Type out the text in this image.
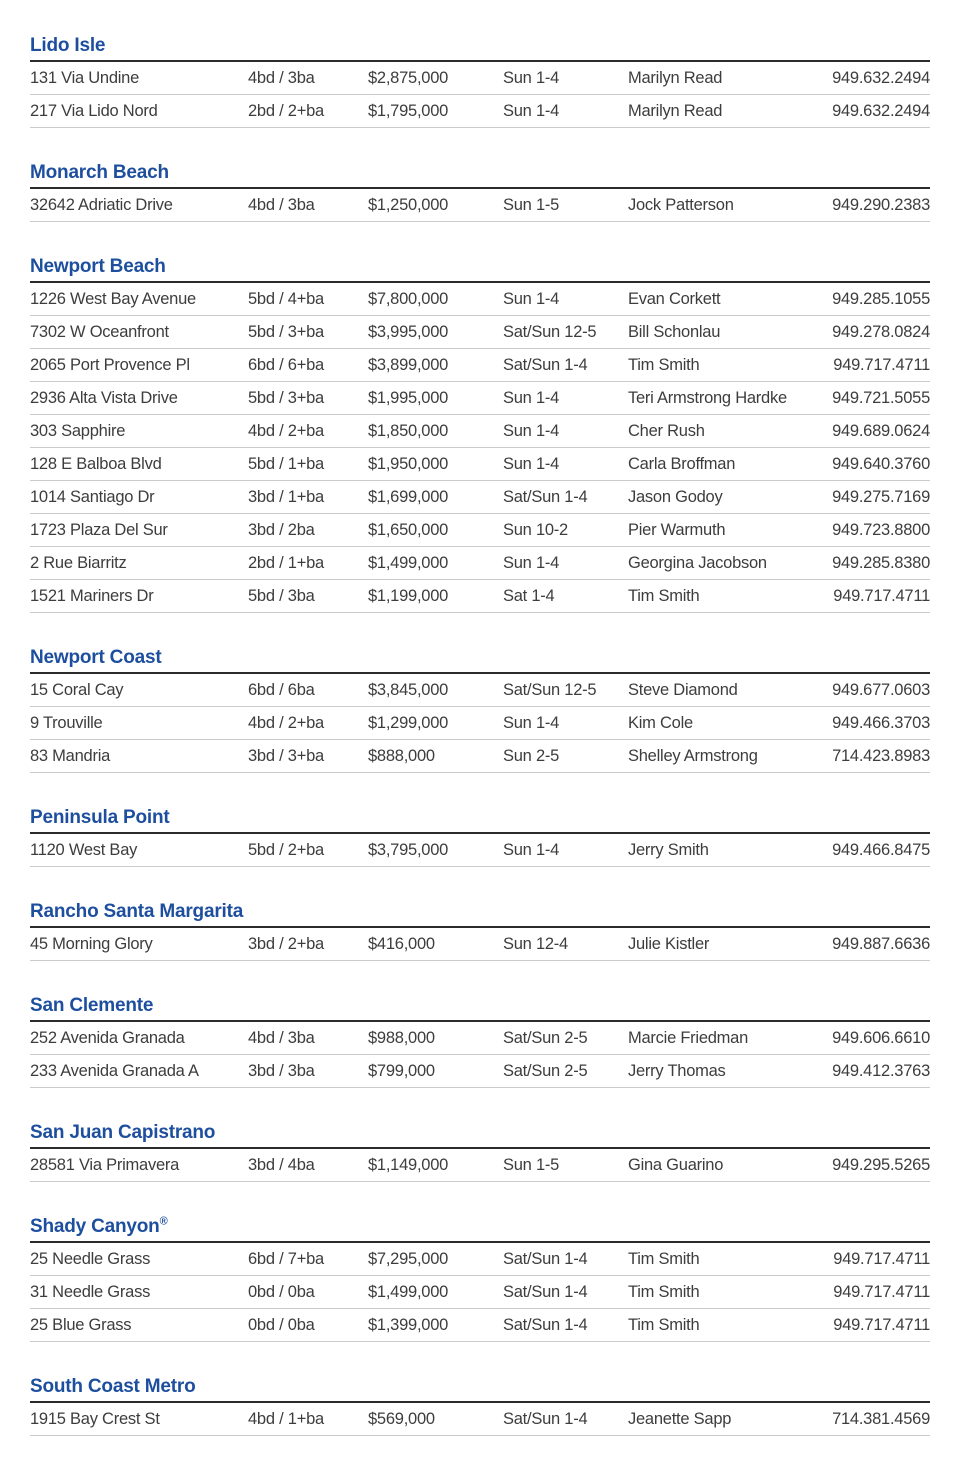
Lido Isle
131 Via Undine	4bd / 3ba	$2,875,000	Sun 1-4	Marilyn Read	949.632.2494
217 Via Lido Nord	2bd / 2+ba	$1,795,000	Sun 1-4	Marilyn Read	949.632.2494
Monarch Beach
32642 Adriatic Drive	4bd / 3ba	$1,250,000	Sun 1-5	Jock Patterson	949.290.2383
Newport Beach
1226 West Bay Avenue	5bd / 4+ba	$7,800,000	Sun 1-4	Evan Corkett	949.285.1055
7302 W Oceanfront	5bd / 3+ba	$3,995,000	Sat/Sun 12-5	Bill Schonlau	949.278.0824
2065 Port Provence Pl	6bd / 6+ba	$3,899,000	Sat/Sun 1-4	Tim Smith	949.717.4711
2936 Alta Vista Drive	5bd / 3+ba	$1,995,000	Sun 1-4	Teri Armstrong Hardke	949.721.5055
303 Sapphire	4bd / 2+ba	$1,850,000	Sun 1-4	Cher Rush	949.689.0624
128 E Balboa Blvd	5bd / 1+ba	$1,950,000	Sun 1-4	Carla Broffman	949.640.3760
1014 Santiago Dr	3bd / 1+ba	$1,699,000	Sat/Sun 1-4	Jason Godoy	949.275.7169
1723 Plaza Del Sur	3bd / 2ba	$1,650,000	Sun 10-2	Pier Warmuth	949.723.8800
2 Rue Biarritz	2bd / 1+ba	$1,499,000	Sun 1-4	Georgina Jacobson	949.285.8380
1521 Mariners Dr	5bd / 3ba	$1,199,000	Sat 1-4	Tim Smith	949.717.4711
Newport Coast
15 Coral Cay	6bd / 6ba	$3,845,000	Sat/Sun 12-5	Steve Diamond	949.677.0603
9 Trouville	4bd / 2+ba	$1,299,000	Sun 1-4	Kim Cole	949.466.3703
83 Mandria	3bd / 3+ba	$888,000	Sun 2-5	Shelley Armstrong	714.423.8983
Peninsula Point
1120 West Bay	5bd / 2+ba	$3,795,000	Sun 1-4	Jerry Smith	949.466.8475
Rancho Santa Margarita
45 Morning Glory	3bd / 2+ba	$416,000	Sun 12-4	Julie Kistler	949.887.6636
San Clemente
252 Avenida Granada	4bd / 3ba	$988,000	Sat/Sun 2-5	Marcie Friedman	949.606.6610
233 Avenida Granada A	3bd / 3ba	$799,000	Sat/Sun 2-5	Jerry Thomas	949.412.3763
San Juan Capistrano
28581 Via Primavera	3bd / 4ba	$1,149,000	Sun 1-5	Gina Guarino	949.295.5265
Shady Canyon®
25 Needle Grass	6bd / 7+ba	$7,295,000	Sat/Sun 1-4	Tim Smith	949.717.4711
31 Needle Grass	0bd / 0ba	$1,499,000	Sat/Sun 1-4	Tim Smith	949.717.4711
25 Blue Grass	0bd / 0ba	$1,399,000	Sat/Sun 1-4	Tim Smith	949.717.4711
South Coast Metro
1915 Bay Crest St	4bd / 1+ba	$569,000	Sat/Sun 1-4	Jeanette Sapp	714.381.4569
